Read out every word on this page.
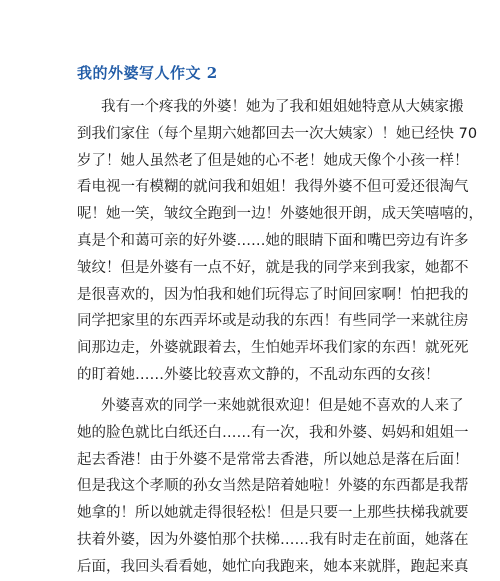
我的外婆写人作文 2
我有一个疼我的外婆！她为了我和姐姐她特意从大姨家搬
到我们家住（每个星期六她都回去一次大姨家）！她已经快 70
岁了！她人虽然老了但是她的心不老！她成天像个小孩一样！
看电视一有模糊的就问我和姐姐！我得外婆不但可爱还很淘气
呢！她一笑，皱纹全跑到一边！外婆她很开朗，成天笑嘻嘻的，
真是个和蔼可亲的好外婆……她的眼睛下面和嘴巴旁边有许多
皱纹！但是外婆有一点不好，就是我的同学来到我家，她都不
是很喜欢的，因为怕我和她们玩得忘了时间回家啊！怕把我的
同学把家里的东西弄坏或是动我的东西！有些同学一来就往房
间那边走，外婆就跟着去，生怕她弄坏我们家的东西！就死死
的盯着她……外婆比较喜欢文静的，不乱动东西的女孩！
外婆喜欢的同学一来她就很欢迎！但是她不喜欢的人来了
她的脸色就比白纸还白……有一次，我和外婆、妈妈和姐姐一
起去香港！由于外婆不是常常去香港，所以她总是落在后面！
但是我这个孝顺的孙女当然是陪着她啦！外婆的东西都是我帮
她拿的！所以她就走得很轻松！但是只要一上那些扶梯我就要
扶着外婆，因为外婆怕那个扶梯……我有时走在前面，她落在
后面，我回头看看她，她忙向我跑来，她本来就胖，跑起来真
